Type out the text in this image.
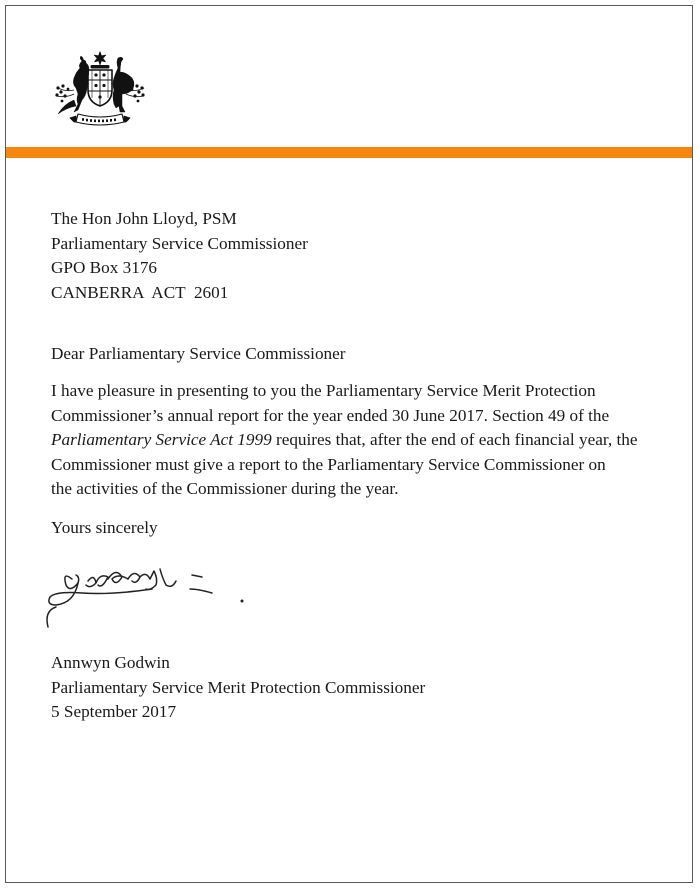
The Hon John Lloyd, PSM
Parliamentary Service Commissioner
GPO Box 3176
CANBERRA  ACT  2601
Dear Parliamentary Service Commissioner
I have pleasure in presenting to you the Parliamentary Service Merit Protection
Commissioner’s annual report for the year ended 30 June 2017. Section 49 of the
Parliamentary Service Act 1999 requires that, after the end of each financial year, the
Commissioner must give a report to the Parliamentary Service Commissioner on
the activities of the Commissioner during the year.
Yours sincerely
Annwyn Godwin
Parliamentary Service Merit Protection Commissioner
5 September 2017
